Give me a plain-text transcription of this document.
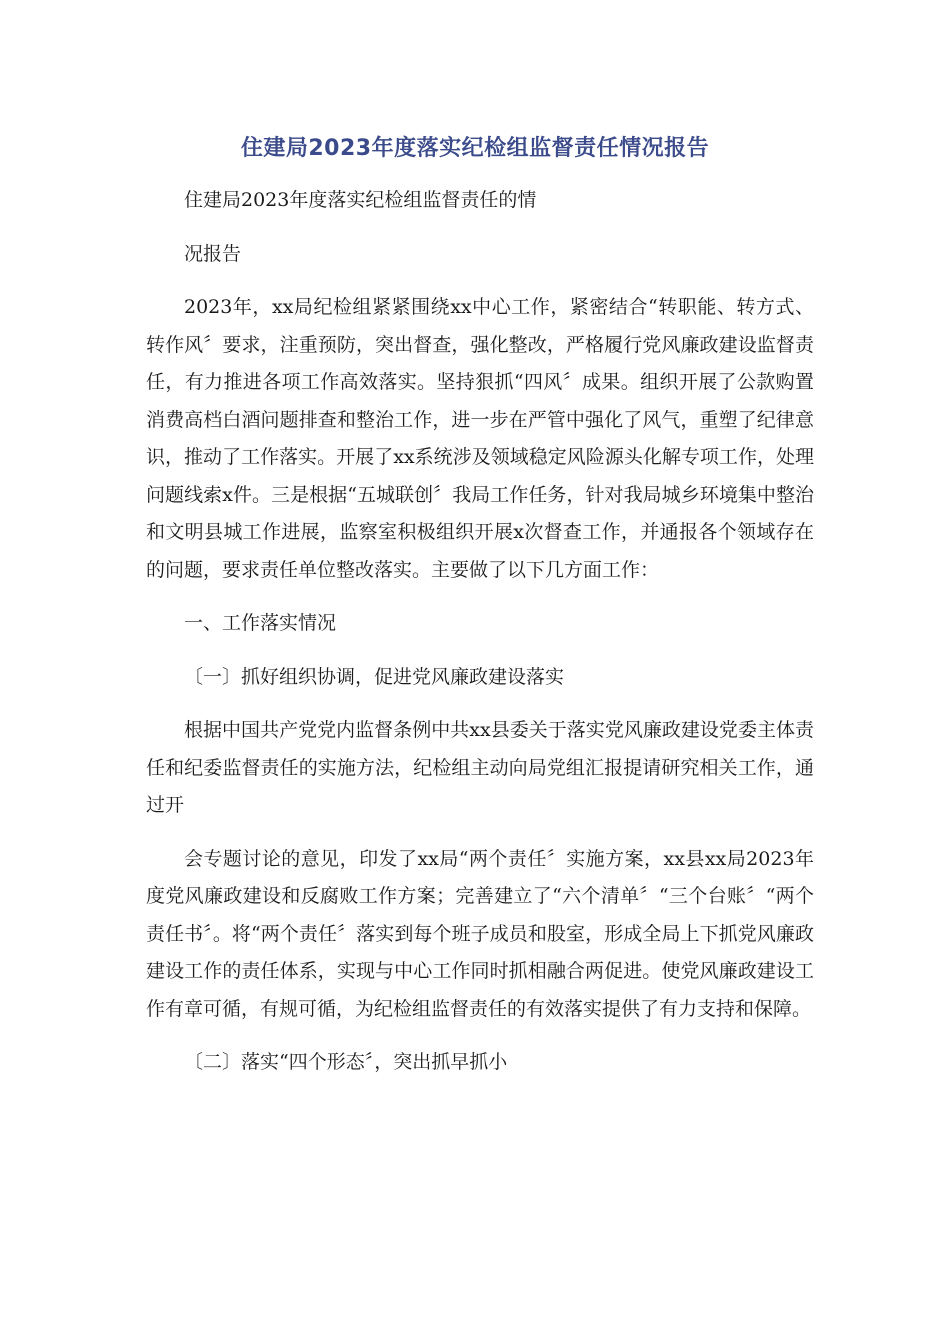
住建局2023年度落实纪检组监督责任情况报告

住建局2023年度落实纪检组监督责任的情

况报告

2023年，xx局纪检组紧紧围绕xx中心工作，紧密结合“转职能、转方式、转作风〞要求，注重预防，突出督查，强化整改，严格履行党风廉政建设监督责任，有力推进各项工作高效落实。坚持狠抓“四风〞成果。组织开展了公款购置消费高档白酒问题排查和整治工作，进一步在严管中强化了风气，重塑了纪律意识，推动了工作落实。开展了xx系统涉及领域稳定风险源头化解专项工作，处理问题线索x件。三是根据“五城联创〞我局工作任务，针对我局城乡环境集中整治和文明县城工作进展，监察室积极组织开展x次督查工作，并通报各个领域存在的问题，要求责任单位整改落实。主要做了以下几方面工作：

一、工作落实情况

〔一〕抓好组织协调，促进党风廉政建设落实

根据中国共产党党内监督条例中共xx县委关于落实党风廉政建设党委主体责任和纪委监督责任的实施方法，纪检组主动向局党组汇报提请研究相关工作，通过开

会专题讨论的意见，印发了xx局“两个责任〞实施方案，xx县xx局2023年度党风廉政建设和反腐败工作方案；完善建立了“六个清单〞“三个台账〞“两个责任书〞。将“两个责任〞落实到每个班子成员和股室，形成全局上下抓党风廉政建设工作的责任体系，实现与中心工作同时抓相融合两促进。使党风廉政建设工作有章可循，有规可循，为纪检组监督责任的有效落实提供了有力支持和保障。

〔二〕落实“四个形态〞，突出抓早抓小
